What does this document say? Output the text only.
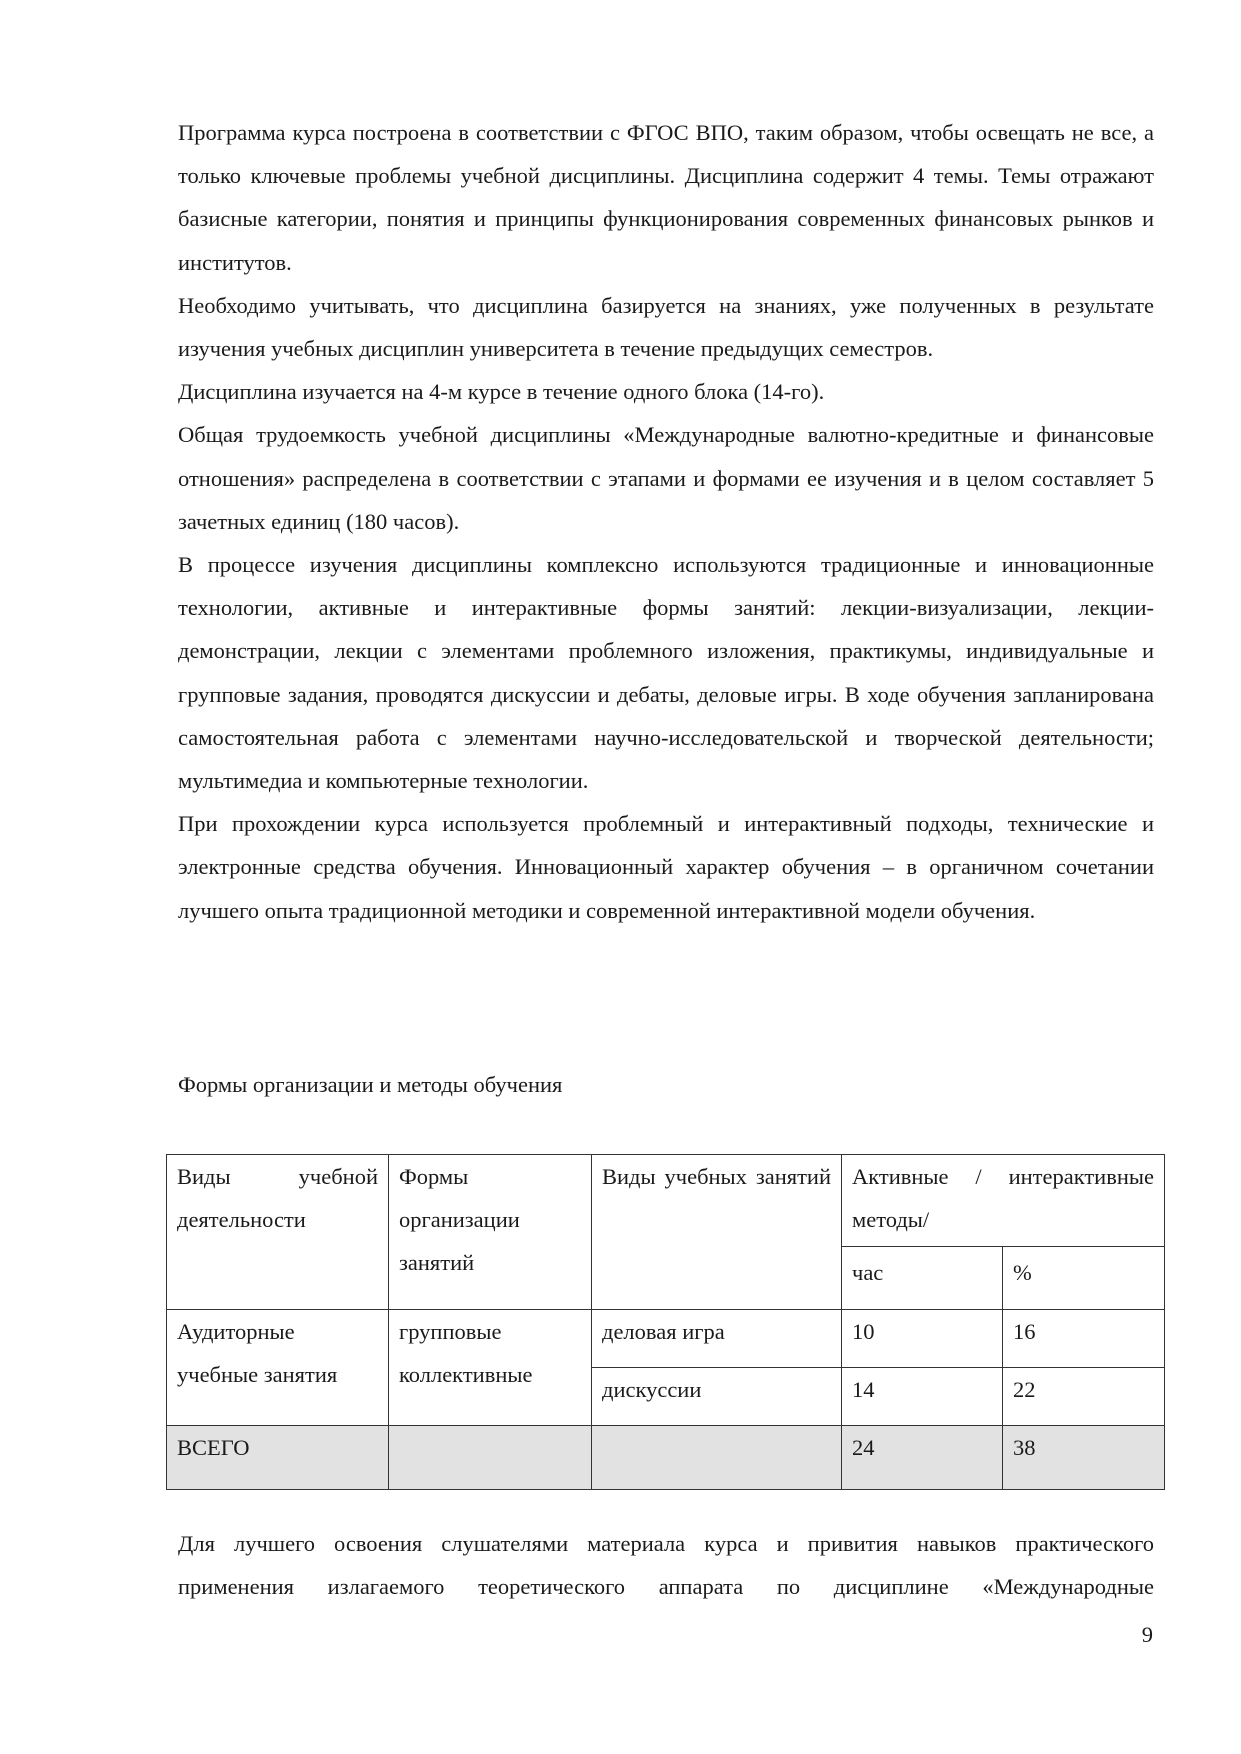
Программа курса построена в соответствии с ФГОС ВПО, таким образом, чтобы освещать не все, а только ключевые проблемы учебной дисциплины. Дисциплина содержит 4 темы. Темы отражают базисные категории, понятия и принципы функционирования современных финансовых рынков и институтов.

Необходимо учитывать, что дисциплина базируется на знаниях, уже полученных в результате изучения учебных дисциплин университета в течение предыдущих семестров.

Дисциплина изучается на 4-м курсе в течение одного блока (14-го).

Общая трудоемкость учебной дисциплины «Международные валютно-кредитные и финансовые отношения» распределена в соответствии с этапами и формами ее изучения и в целом составляет 5 зачетных единиц (180 часов).

В процессе изучения дисциплины комплексно используются традиционные и инновационные технологии, активные и интерактивные формы занятий: лекции-визуализации, лекции-демонстрации, лекции с элементами проблемного изложения, практикумы, индивидуальные и групповые задания, проводятся дискуссии и дебаты, деловые игры. В ходе обучения запланирована самостоятельная работа с элементами научно-исследовательской и творческой деятельности; мультимедиа и компьютерные технологии.

При прохождении курса используется проблемный и интерактивный подходы, технические и электронные средства обучения. Инновационный характер обучения – в органичном сочетании лучшего опыта традиционной методики и современной интерактивной модели обучения.

Формы организации и методы обучения
Виды учебной деятельности	Формы организации занятий	Виды учебных занятий	Активные / интерактивные методы/	
			час	%
Аудиторные учебные занятия	групповые коллективные	деловая игра	10	16
		дискуссии	14	22
ВСЕГО			24	38

Для лучшего освоения слушателями материала курса и привития навыков практического

применения излагаемого теоретического аппарата по дисциплине «Международные

9
